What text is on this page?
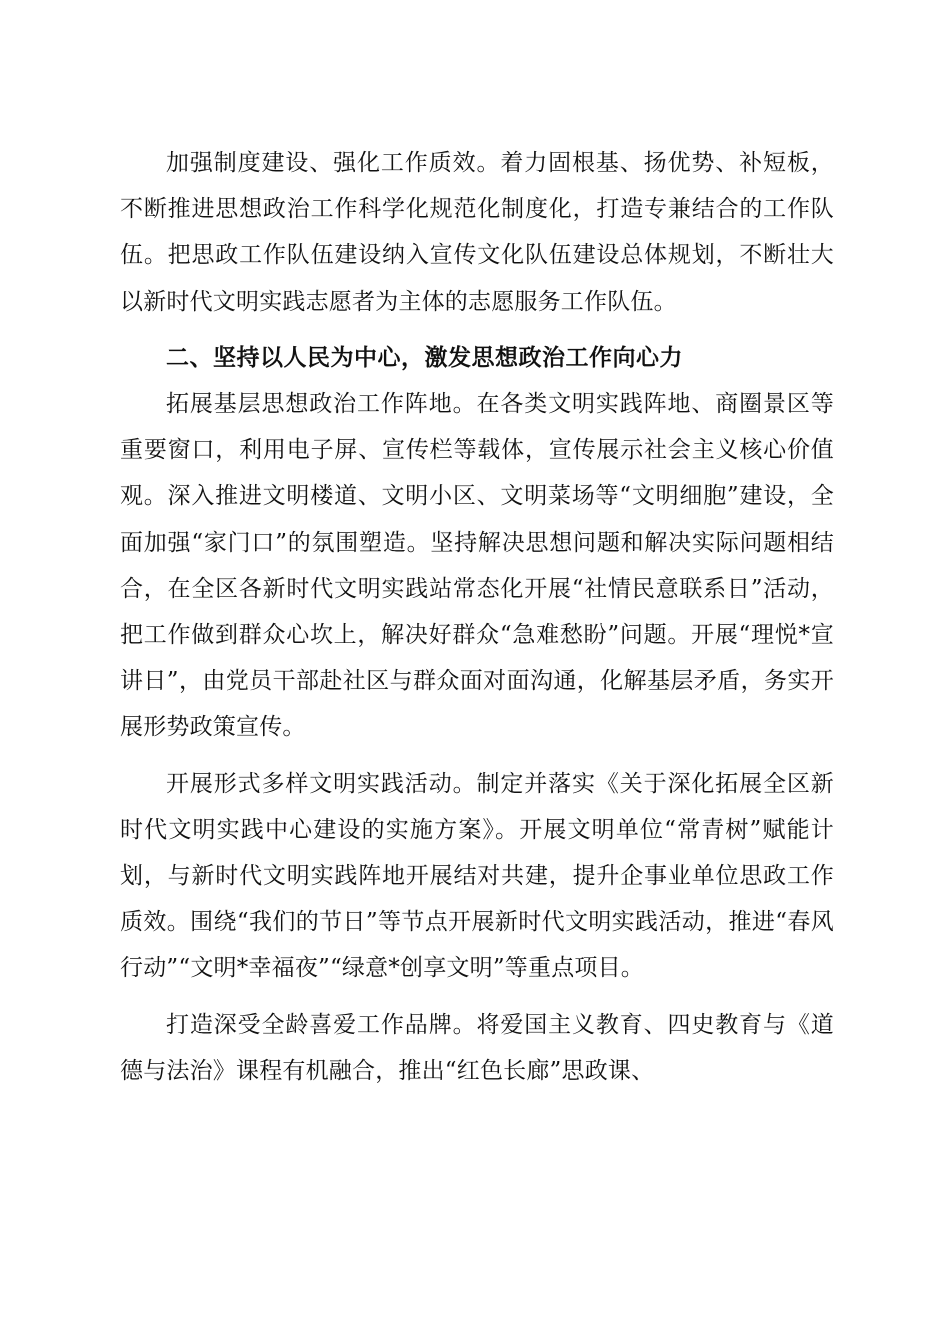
加强制度建设、强化工作质效。着力固根基、扬优势、补短板，不断推进思想政治工作科学化规范化制度化，打造专兼结合的工作队伍。把思政工作队伍建设纳入宣传文化队伍建设总体规划，不断壮大以新时代文明实践志愿者为主体的志愿服务工作队伍。

二、坚持以人民为中心，激发思想政治工作向心力

拓展基层思想政治工作阵地。在各类文明实践阵地、商圈景区等重要窗口，利用电子屏、宣传栏等载体，宣传展示社会主义核心价值观。深入推进文明楼道、文明小区、文明菜场等“文明细胞”建设，全面加强“家门口”的氛围塑造。坚持解决思想问题和解决实际问题相结合，在全区各新时代文明实践站常态化开展“社情民意联系日”活动，把工作做到群众心坎上，解决好群众“急难愁盼”问题。开展“理悦*宣讲日”，由党员干部赴社区与群众面对面沟通，化解基层矛盾，务实开展形势政策宣传。

开展形式多样文明实践活动。制定并落实《关于深化拓展全区新时代文明实践中心建设的实施方案》。开展文明单位“常青树”赋能计划，与新时代文明实践阵地开展结对共建，提升企事业单位思政工作质效。围绕“我们的节日”等节点开展新时代文明实践活动，推进“春风行动”“文明*幸福夜”“绿意*创享文明”等重点项目。

打造深受全龄喜爱工作品牌。将爱国主义教育、四史教育与《道德与法治》课程有机融合，推出“红色长廊”思政课、
